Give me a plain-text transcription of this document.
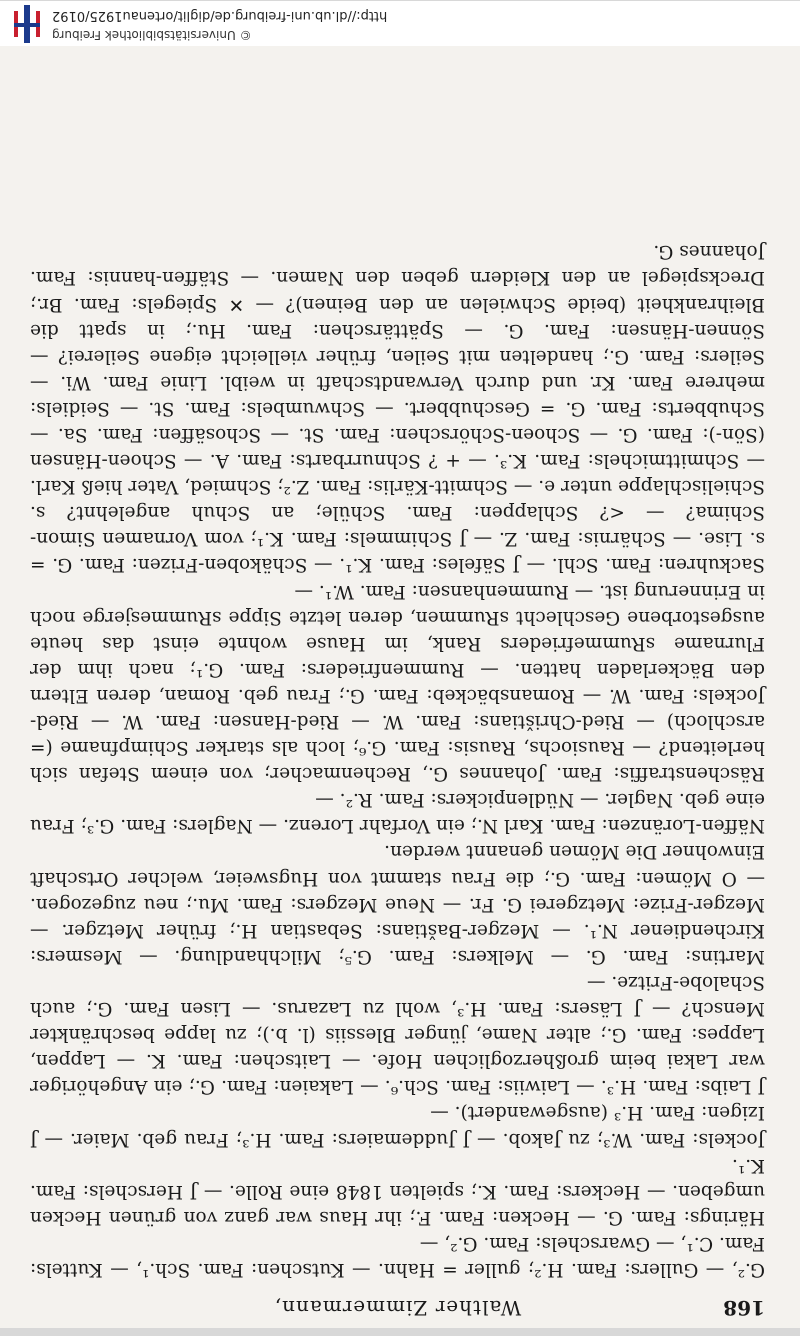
© Universitätsbibliothek Freiburg
http://dl.ub.uni-freiburg.de/diglit/ortenau1925/0192
168
Walther Zimmermann,

G.², — Gullers: Fam. H.²; guller = Hahn. — Kutschen: Fam. Sch.¹, — Kuttels: Fam. C.¹, — Gwarschels: Fam. G.², —

Härings: Fam. G. — Hecken: Fam. F.; ihr Haus war ganz von grünen Hecken umgeben. — Heckers: Fam. K.; spielten 1848 eine Rolle. — J Herschels: Fam. K.¹.

Jockels: Fam. W.³; zu Jakob. — J Juddemaiers: Fam. H.³; Frau geb. Maier. — J Izigen: Fam. H.³ (ausgewandert). —

J Laibs: Fam. H.³. — Laiwiis: Fam. Sch.⁶. — Lakaien: Fam. G.; ein Angehöriger war Lakai beim großherzoglichen Hofe. — Laitschen: Fam. K. — Lappen, Lappes: Fam. G.; alter Name, jünger Blessiis (l. b.); zu lappe beschränkter Mensch? — J Läsers: Fam. H.³, wohl zu Lazarus. — Lisen Fam. G.; auch Schalobe-Fritze. —

Martins: Fam. G. — Melkers: Fam. G.⁵; Milchhandlung. — Mesmers: Kirchendiener N.¹. — Mezger-Baštians: Sebastian H.; früher Metzger. — Mezger-Frize: Metzgerei G. Fr. — Neue Mezgers: Fam. Mu.; neu zugezogen. — O Mömen: Fam. G.; die Frau stammt von Hugsweier, welcher Ortschaft Einwohner Die Mömen genannt werden.

Näffen-Loränzen: Fam. Karl N.; ein Vorfahr Lorenz. — Naglers: Fam. G.³; Frau eine geb. Nagler. — Nüdlenpickers: Fam. R.². —

Räschenstraffis: Fam. Johannes G., Rechenmacher; von einem Stefan sich herleitend? — Rausiochs, Rausis: Fam. G.⁶; loch als starker Schimpfname (= arschloch) — Ried-Chrištians: Fam. W. — Ried-Hansen: Fam. W. — Ried-Jockels: Fam. W. — Romansbäckeb: Fam. G.; Frau geb. Roman, deren Eltern den Bäckerladen hatten. — Rummenfrieders: Fam. G.¹; nach ihm der Flurname sRummefrieders Rank, im Hause wohnte einst das heute ausgestorbene Geschlecht sRummen, deren letzte Sippe sRummesjerge noch in Erinnerung ist. — Rummenhansen: Fam. W.¹. —

Sackuhren: Fam. Schl. — J Säfeles: Fam. K.¹. — Schäkoben-Frizen: Fam. G. = s. Lise. — Schärnis: Fam. Z. — J Schimmels: Fam. K.¹; vom Vornamen Simon-Schima? — <? Schlappen: Fam. Schüle; an Schuh angelehnt? s. Schielischlappe unter e. — Schmitt-Kärlis: Fam. Z.²; Schmied, Vater hieß Karl. — Schmittmichels: Fam. K.³. — + ? Schnurrbarts: Fam. A. — Schoen-Hänsen (Sön-): Fam. G. — Schoen-Schörschen: Fam. St. — Schosäffen: Fam. Sa. — Schubberts: Fam. G. = Geschubbert. — Schwumbels: Fam. St. — Seidiels: mehrere Fam. Kr. und durch Verwandtschaft in weibl. Linie Fam. Wi. — Seilers: Fam. G.; handelten mit Seilen, früher vielleicht eigene Seilerei? — Sönnen-Hänsen: Fam. G. — Spättärschen: Fam. Hu.; in spatt die Bleihrankheit (beide Schwielen an den Beinen)? — ✕ Spiegels: Fam. Br.; Dreckspiegel an den Kleidern geben den Namen. — Stäffen-hannis: Fam. Johannes G.
